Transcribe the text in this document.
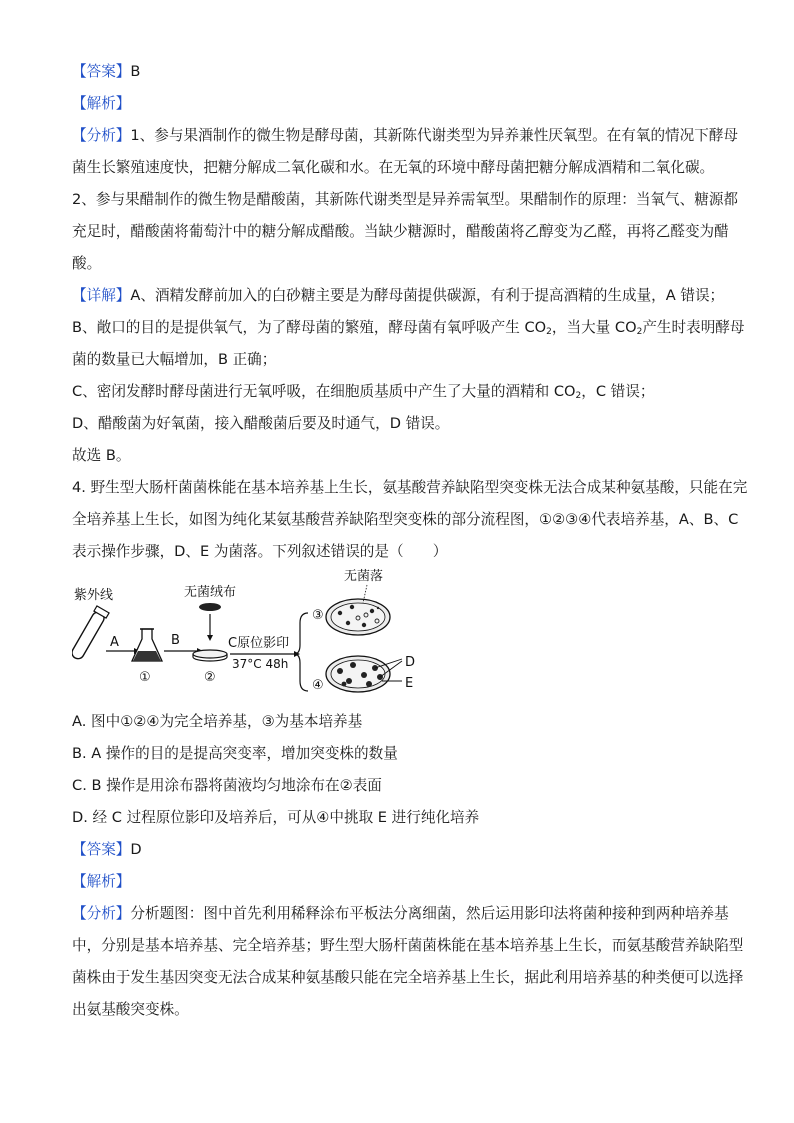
【答案】B
【解析】
【分析】1、参与果酒制作的微生物是酵母菌，其新陈代谢类型为异养兼性厌氧型。在有氧的情况下酵母
菌生长繁殖速度快，把糖分解成二氧化碳和水。在无氧的环境中酵母菌把糖分解成酒精和二氧化碳。
2、参与果醋制作的微生物是醋酸菌，其新陈代谢类型是异养需氧型。果醋制作的原理：当氧气、糖源都
充足时，醋酸菌将葡萄汁中的糖分解成醋酸。当缺少糖源时，醋酸菌将乙醇变为乙醛，再将乙醛变为醋
酸。
【详解】A、酒精发酵前加入的白砂糖主要是为酵母菌提供碳源，有利于提高酒精的生成量，A 错误；
B、敞口的目的是提供氧气，为了酵母菌的繁殖，酵母菌有氧呼吸产生 $CO_2$，当大量 $CO_2$产生时表明酵母
菌的数量已大幅增加，B 正确；
C、密闭发酵时酵母菌进行无氧呼吸，在细胞质基质中产生了大量的酒精和 $CO_2$，C 错误；
D、醋酸菌为好氧菌，接入醋酸菌后要及时通气，D 错误。
故选 B。
4. 野生型大肠杆菌菌株能在基本培养基上生长，氨基酸营养缺陷型突变株无法合成某种氨基酸，只能在完
全培养基上生长，如图为纯化某氨基酸营养缺陷型突变株的部分流程图，①②③④代表培养基，A、B、C
表示操作步骤，D、E 为菌落。下列叙述错误的是（　　）
A. 图中①②④为完全培养基，③为基本培养基
B. A 操作的目的是提高突变率，增加突变株的数量
C. B 操作是用涂布器将菌液均匀地涂布在②表面
D. 经 C 过程原位影印及培养后，可从④中挑取 E 进行纯化培养
【答案】D
【解析】
【分析】分析题图：图中首先利用稀释涂布平板法分离细菌，然后运用影印法将菌种接种到两种培养基
中，分别是基本培养基、完全培养基；野生型大肠杆菌菌株能在基本培养基上生长，而氨基酸营养缺陷型
菌株由于发生基因突变无法合成某种氨基酸只能在完全培养基上生长，据此利用培养基的种类便可以选择
出氨基酸突变株。
紫外线
A
①
B
无菌绒布
②
C原位影印
37°C 48h
③
无菌落
④
D
E
